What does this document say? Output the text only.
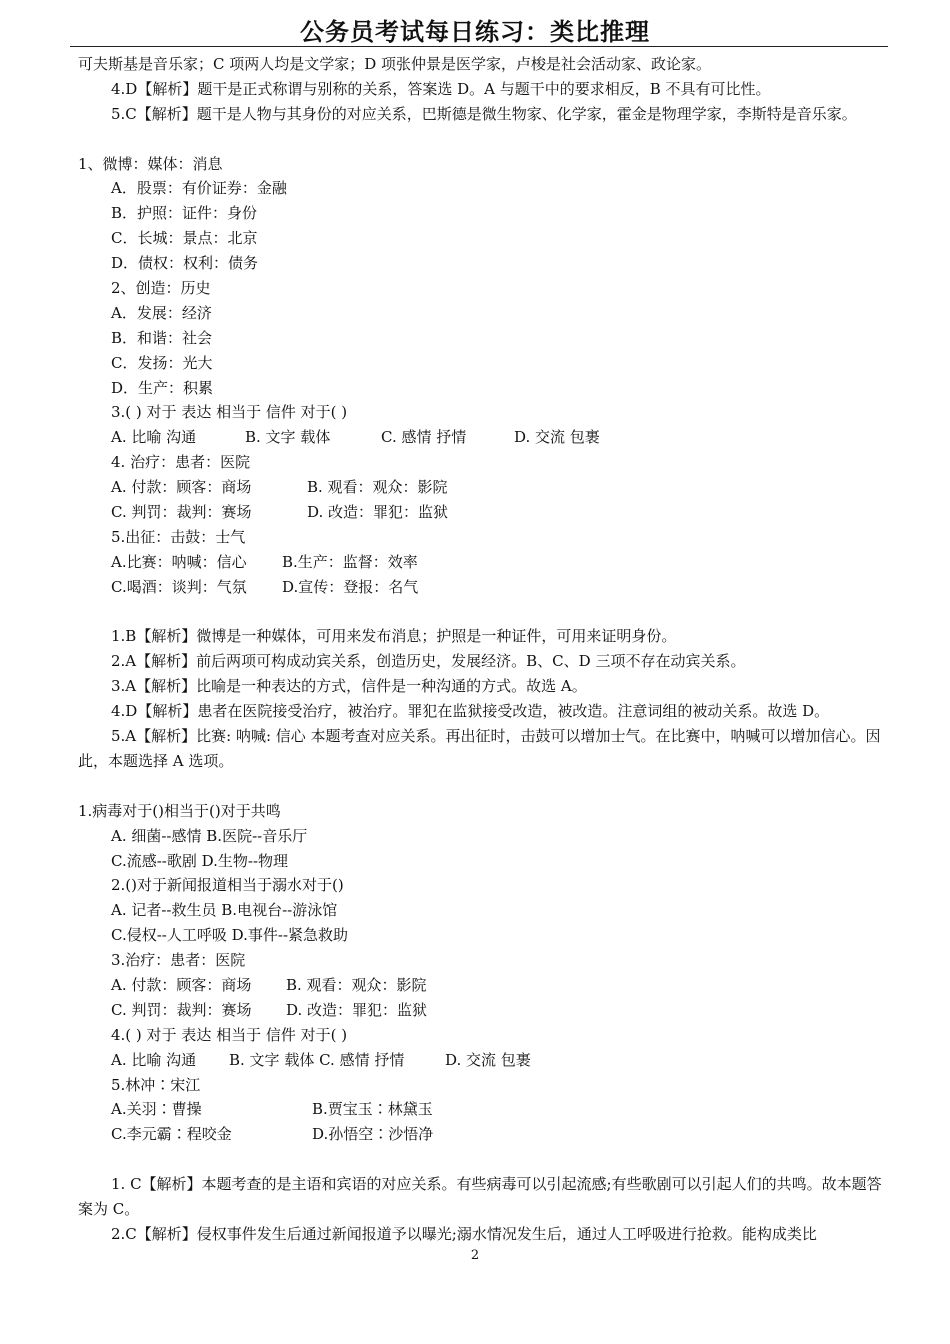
公务员考试每日练习：类比推理
可夫斯基是音乐家；C 项两人均是文学家；D 项张仲景是医学家，卢梭是社会活动家、政论家。
4.D【解析】题干是正式称谓与别称的关系，答案选 D。A 与题干中的要求相反，B 不具有可比性。
5.C【解析】题干是人物与其身份的对应关系，巴斯德是微生物家、化学家，霍金是物理学家，李斯特是音乐家。
1、微博：媒体：消息
A．股票：有价证券：金融
B．护照：证件：身份
C．长城：景点：北京
D．债权：权利：债务
2、创造：历史
A．发展：经济
B．和谐：社会
C．发扬：光大
D．生产：积累
3.( ) 对于 表达 相当于 信件 对于( )
A. 比喻 沟通	B. 文字 载体	C. 感情 抒情	D. 交流 包裹
4. 治疗：患者：医院
A. 付款：顾客：商场	B. 观看：观众：影院
C. 判罚：裁判：赛场	D. 改造：罪犯：监狱
5.出征：击鼓：士气
A.比赛：呐喊：信心 B.生产：监督：效率
C.喝酒：谈判：气氛 D.宣传：登报：名气
1.B【解析】微博是一种媒体，可用来发布消息；护照是一种证件，可用来证明身份。
2.A【解析】前后两项可构成动宾关系，创造历史，发展经济。B、C、D 三项不存在动宾关系。
3.A【解析】比喻是一种表达的方式，信件是一种沟通的方式。故选 A。
4.D【解析】患者在医院接受治疗，被治疗。罪犯在监狱接受改造，被改造。注意词组的被动关系。故选 D。
5.A【解析】比赛: 呐喊: 信心 本题考查对应关系。再出征时，击鼓可以增加士气。在比赛中，呐喊可以增加信心。因此，本题选择 A 选项。
1.病毒对于()相当于()对于共鸣
A. 细菌--感情 B.医院--音乐厅
C.流感--歌剧 D.生物--物理
2.()对于新闻报道相当于溺水对于()
A. 记者--救生员 B.电视台--游泳馆
C.侵权--人工呼吸 D.事件--紧急救助
3.治疗：患者：医院
A. 付款：顾客：商场 B. 观看：观众：影院
C. 判罚：裁判：赛场 D. 改造：罪犯：监狱
4.( ) 对于 表达 相当于 信件 对于( )
A. 比喻 沟通 B. 文字 载体 C. 感情 抒情	D. 交流 包裹
5.林冲∶宋江
A.关羽∶曹操	B.贾宝玉∶林黛玉
C.李元霸∶程咬金	D.孙悟空∶沙悟净
1. C【解析】本题考查的是主语和宾语的对应关系。有些病毒可以引起流感;有些歌剧可以引起人们的共鸣。故本题答案为 C。
2.C【解析】侵权事件发生后通过新闻报道予以曝光;溺水情况发生后，通过人工呼吸进行抢救。能构成类比
2
